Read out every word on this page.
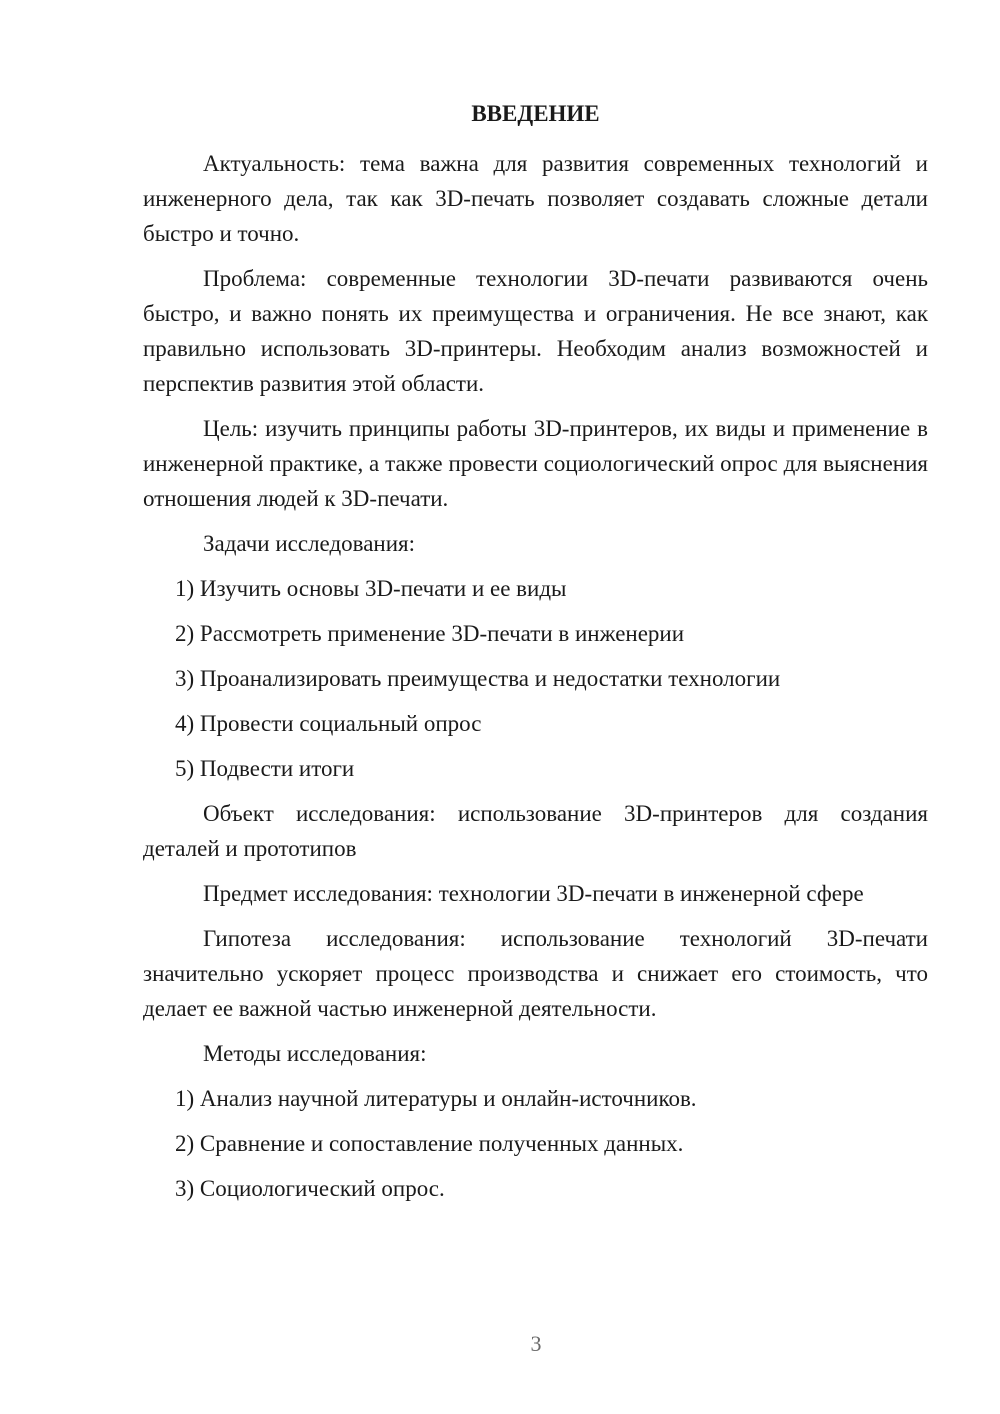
ВВЕДЕНИЕ
Актуальность: тема важна для развития современных технологий и инженерного дела, так как 3D-печать позволяет создавать сложные детали быстро и точно.
Проблема: современные технологии 3D-печати развиваются очень быстро, и важно понять их преимущества и ограничения. Не все знают, как правильно использовать 3D-принтеры. Необходим анализ возможностей и перспектив развития этой области.
Цель: изучить принципы работы 3D-принтеров, их виды и применение в инженерной практике, а также провести социологический опрос для выяснения отношения людей к 3D-печати.
Задачи исследования:
1) Изучить основы 3D-печати и ее виды
2) Рассмотреть применение 3D-печати в инженерии
3) Проанализировать преимущества и недостатки технологии
4) Провести социальный опрос
5) Подвести итоги
Объект исследования: использование 3D-принтеров для создания деталей и прототипов
Предмет исследования: технологии 3D-печати в инженерной сфере
Гипотеза исследования: использование технологий 3D-печати значительно ускоряет процесс производства и снижает его стоимость, что делает ее важной частью инженерной деятельности.
Методы исследования:
1) Анализ научной литературы и онлайн-источников.
2) Сравнение и сопоставление полученных данных.
3) Социологический опрос.
3
